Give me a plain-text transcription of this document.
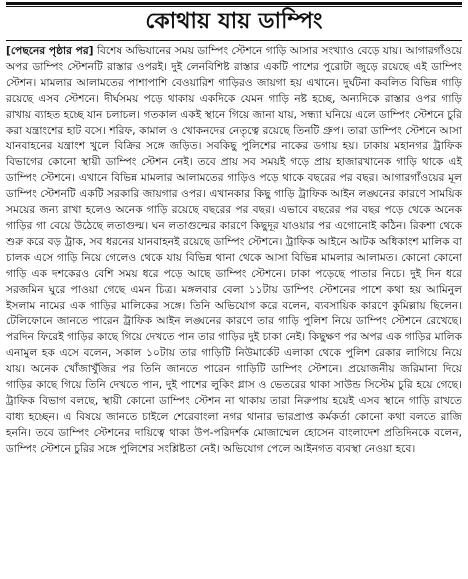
কোথায় যায় ডাম্পিং

[পেছনের পৃষ্ঠার পর] বিশেষ অভিযানের সময় ডাম্পিং স্টেশনে গাড়ি আসার সংখ্যাও বেড়ে যায়। আগারগাঁওয়ে অপর ডাম্পিং স্টেশনটি রাস্তার ওপরই। দুই লেনবিশিষ্ট রাস্তার একটি পাশের পুরোটা জুড়ে রয়েছে এই ডাম্পিং স্টেশন। মামলার আলামতের পাশাপাশি বেওয়ারিশ গাড়িরও জায়গা হয় এখানে। দুর্ঘটনা কবলিত বিভিন্ন গাড়ি রয়েছে এসব স্টেশনে। দীর্ঘসময় পড়ে থাকায় একদিকে যেমন গাড়ি নষ্ট হচ্ছে, অন্যদিকে রাস্তার ওপর গাড়ি রাখায় ব্যাহত হচ্ছে যান চলাচল। গতকাল একই স্থানে গিয়ে জানা যায়, সন্ধ্যা ঘনিয়ে এলে ডাম্পিং স্টেশনে চুরি করা যন্ত্রাংশের হাট বসে। শরিফ, কামাল ও খোকনদের নেতৃত্বে রয়েছে তিনটি গ্রুপ। তারা ডাম্পিং স্টেশনে আসা যানবাহনের যন্ত্রাংশ খুলে বিক্রির সঙ্গে জড়িত। সবকিছু পুলিশের নাকের ডগায় হয়। ঢাকায় মহানগর ট্রাফিক বিভাগের কোনো স্থায়ী ডাম্পিং স্টেশন নেই। তবে প্রায় সব সময়ই গড়ে প্রায় হাজারখানেক গাড়ি থাকে এই ডাম্পিং স্টেশনে। এখানে বিভিন্ন মামলার আলামতের গাড়িও পড়ে থাকে বছরের পর বছর। আগারগাঁওয়ের মূল ডাম্পিং স্টেশনটি একটি সরকারি জায়গার ওপর। এখানকার কিছু গাড়ি ট্রাফিক আইন লঙ্ঘনের কারণে সাময়িক সময়ের জন্য রাখা হলেও অনেক গাড়ি রয়েছে বছরের পর বছর। এভাবে বছরের পর বছর পড়ে থেকে অনেক গাড়ির গা বেয়ে উঠেছে লতাগুল্ম। ঘন লতাগুল্মের কারণে কিছুদূর যাওয়ার পর এগোনোই কঠিন। রিকশা থেকে শুরু করে বড় ট্রাক, সব ধরনের যানবাহনই রয়েছে ডাম্পিং স্টেশনে। ট্রাফিক আইনে আটক অধিকাংশ মালিক বা চালক এসে গাড়ি নিয়ে গেলেও থেকে যায় বিভিন্ন থানা থেকে আসা বিভিন্ন মামলার আলামত। কোনো কোনো গাড়ি এক দশকেরও বেশি সময় ধরে পড়ে আছে ডাম্পিং স্টেশনে। ঢাকা পড়েছে পাতার নিচে। দুই দিন ধরে সরজমিন ঘুরে পাওয়া গেছে এমন চিত্র। মঙ্গলবার বেলা ১১টায় ডাম্পিং স্টেশনের পাশে কথা হয় আমিনুল ইসলাম নামের এক গাড়ির মালিকের সঙ্গে। তিনি অভিযোগ করে বলেন, ব্যবসায়িক কারণে কুমিল্লায় ছিলেন। টেলিফোনে জানতে পারেন ট্রাফিক আইন লঙ্ঘনের কারণে তার গাড়ি পুলিশ নিয়ে ডাম্পিং স্টেশনে রেখেছে। পরদিন ফিরেই গাড়ির কাছে গিয়ে দেখতে পান তার গাড়ির দুই চাকা নেই। কিছুক্ষণ পর অপর এক গাড়ির মালিক এনামুল হক এসে বলেন, সকাল ১০টায় তার গাড়িটি নিউমার্কেট এলাকা থেকে পুলিশ রেকার লাগিয়ে নিয়ে যায়। অনেক খোঁজাখুঁজির পর তিনি জানতে পারেন গাড়িটি ডাম্পিং স্টেশনে। প্রয়োজনীয় জরিমানা দিয়ে গাড়ির কাছে গিয়ে তিনি দেখতে পান, দুই পাশের লুকিং গ্লাস ও ভেতরের থাকা সাউন্ড সিস্টেম চুরি হয়ে গেছে। ট্রাফিক বিভাগ বলছে, স্থায়ী কোনো ডাম্পিং স্টেশন না থাকায় তারা নিরুপায় হয়েই এসব স্থানে গাড়ি রাখতে বাধ্য হচ্ছেন। এ বিষয়ে জানতে চাইলে শেরেবাংলা নগর থানার ভারপ্রাপ্ত কর্মকর্তা কোনো কথা বলতে রাজি হননি। তবে ডাম্পিং স্টেশনের দায়িত্বে থাকা উপ-পরিদর্শক মোজাম্মেল হোসেন বাংলাদেশ প্রতিদিনকে বলেন, ডাম্পিং স্টেশনে চুরির সঙ্গে পুলিশের সংশ্লিষ্টতা নেই। অভিযোগ পেলে আইনগত ব্যবস্থা নেওয়া হবে।
